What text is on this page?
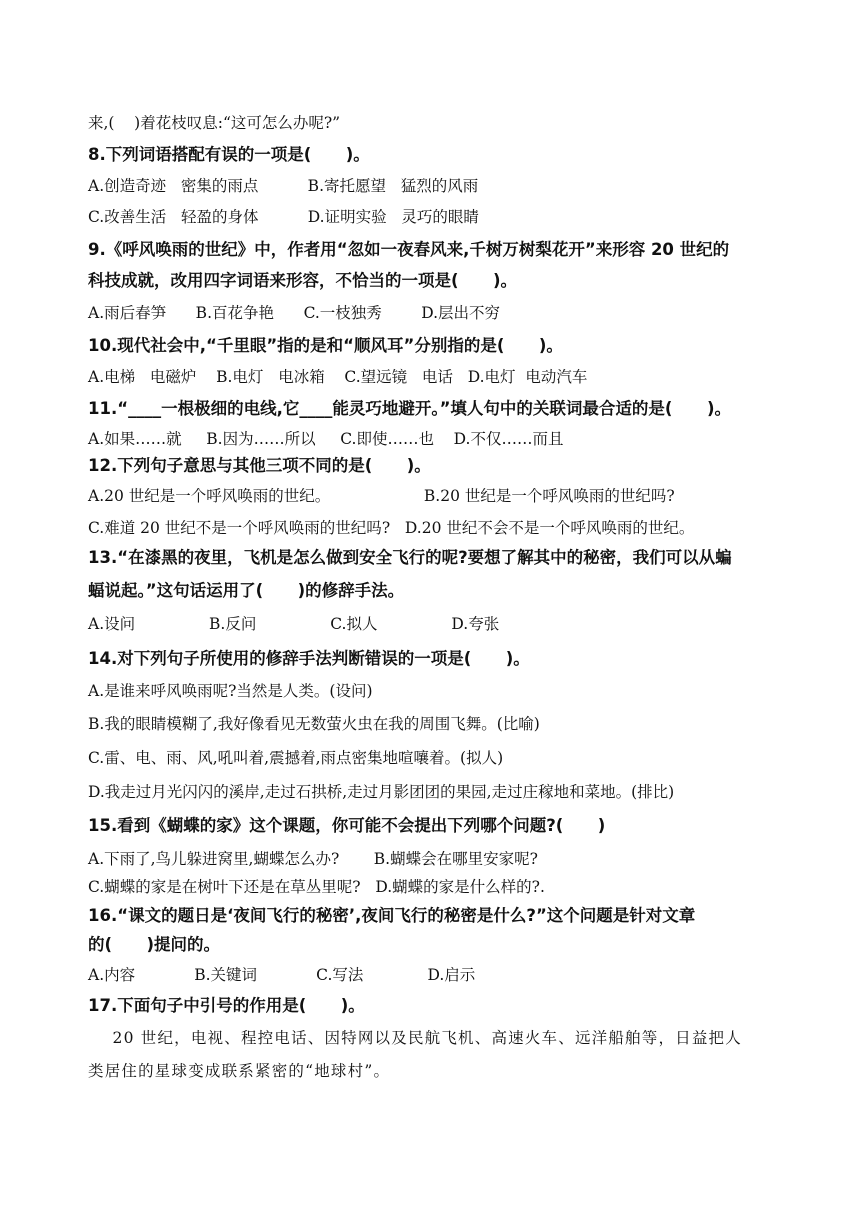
来,(    )着花枝叹息:“这可怎么办呢?”
8.下列词语搭配有误的一项是(      )。
A.创造奇迹   密集的雨点          B.寄托愿望   猛烈的风雨
C.改善生活   轻盈的身体          D.证明实验   灵巧的眼睛
9.《呼风唤雨的世纪》中，作者用“忽如一夜春风来,千树万树梨花开”来形容 20 世纪的
科技成就，改用四字词语来形容，不恰当的一项是(      )。
A.雨后春笋      B.百花争艳      C.一枝独秀        D.层出不穷
10.现代社会中,“千里眼”指的是和“顺风耳”分别指的是(      )。
A.电梯   电磁炉    B.电灯   电冰箱    C.望远镜   电话   D.电灯  电动汽车
11.“____一根极细的电线,它____能灵巧地避开。”填人句中的关联词最合适的是(      )。
A.如果……就     B.因为……所以     C.即使……也    D.不仅……而且
12.下列句子意思与其他三项不同的是(      )。
A.20 世纪是一个呼风唤雨的世纪。                   B.20 世纪是一个呼风唤雨的世纪吗?
C.难道 20 世纪不是一个呼风唤雨的世纪吗?   D.20 世纪不会不是一个呼风唤雨的世纪。
13.“在漆黑的夜里，飞机是怎么做到安全飞行的呢?要想了解其中的秘密，我们可以从蝙
蝠说起。”这句话运用了(      )的修辞手法。
A.设问               B.反问               C.拟人               D.夸张
14.对下列句子所使用的修辞手法判断错误的一项是(      )。
A.是谁来呼风唤雨呢?当然是人类。(设问)
B.我的眼睛模糊了,我好像看见无数萤火虫在我的周围飞舞。(比喻)
C.雷、电、雨、风,吼叫着,震撼着,雨点密集地喧嚷着。(拟人)
D.我走过月光闪闪的溪岸,走过石拱桥,走过月影团团的果园,走过庄稼地和菜地。(排比)
15.看到《蝴蝶的家》这个课题，你可能不会提出下列哪个问题?(      )
A.下雨了,鸟儿躲进窝里,蝴蝶怎么办?       B.蝴蝶会在哪里安家呢?
C.蝴蝶的家是在树叶下还是在草丛里呢?   D.蝴蝶的家是什么样的?.
16.“课文的题日是‘夜间飞行的秘密’,夜间飞行的秘密是什么?”这个问题是针对文章
的(      )提问的。
A.内容            B.关键词            C.写法             D.启示
17.下面句子中引号的作用是(      )。
20 世纪，电视、程控电话、因特网以及民航飞机、高速火车、远洋船舶等，日益把人
类居住的星球变成联系紧密的“地球村”。
